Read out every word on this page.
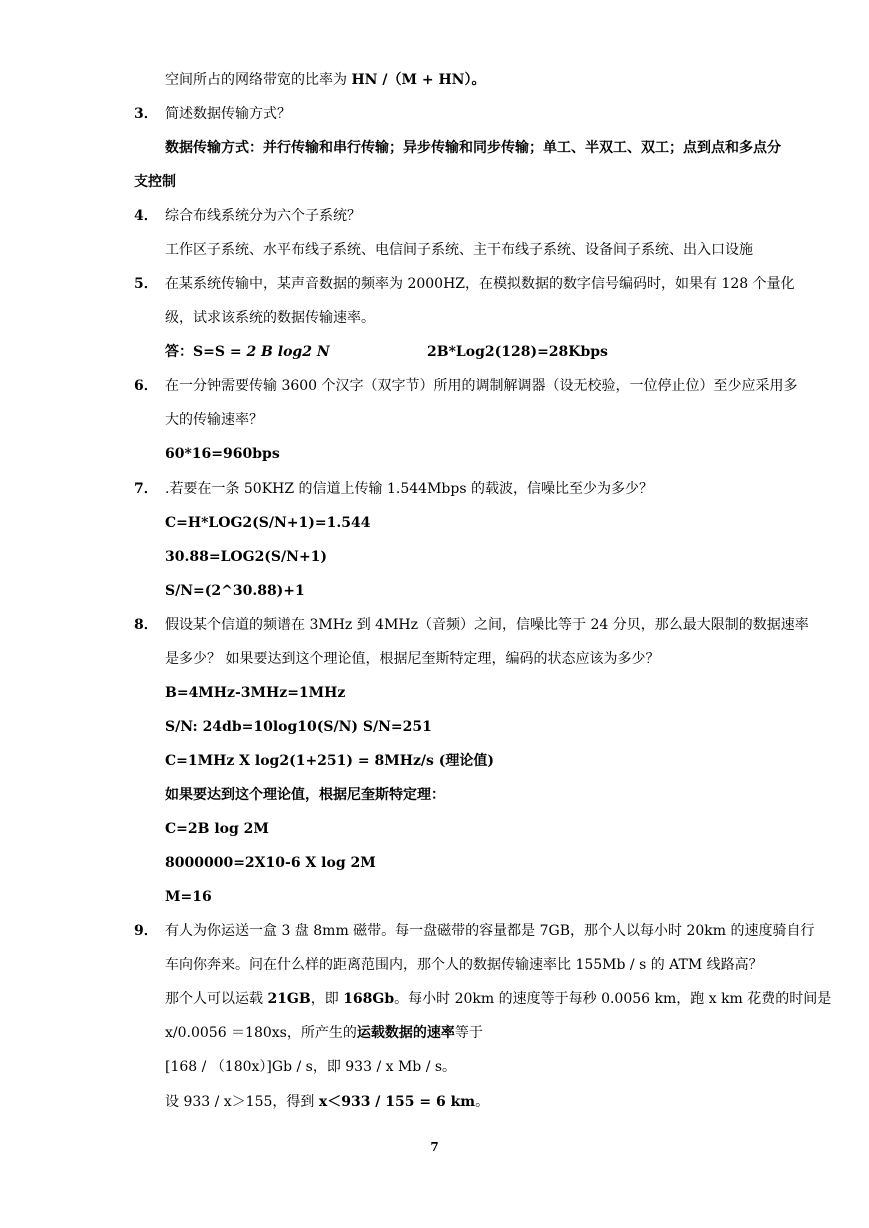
空间所占的网络带宽的比率为 HN /（M + HN）。
3． 简述数据传输方式？
数据传输方式：并行传输和串行传输；异步传输和同步传输；单工、半双工、双工；点到点和多点分
支控制
4． 综合布线系统分为六个子系统？
工作区子系统、水平布线子系统、电信间子系统、主干布线子系统、设备间子系统、出入口设施
5． 在某系统传输中，某声音数据的频率为 2000HZ，在模拟数据的数字信号编码时，如果有 128 个量化
级，试求该系统的数据传输速率。
答：S=S = 2 B log2 N	2B*Log2(128)=28Kbps
6． 在一分钟需要传输 3600 个汉字（双字节）所用的调制解调器（设无校验，一位停止位）至少应采用多
大的传输速率？
60*16=960bps
7． .若要在一条 50KHZ 的信道上传输 1.544Mbps 的载波，信噪比至少为多少？
C=H*LOG2(S/N+1)=1.544
30.88=LOG2(S/N+1)
S/N=(2^30.88)+1
8． 假设某个信道的频谱在 3MHz 到 4MHz（音频）之间，信噪比等于 24 分贝，那么最大限制的数据速率
是多少？ 如果要达到这个理论值，根据尼奎斯特定理，编码的状态应该为多少？
B=4MHz-3MHz=1MHz
S/N: 24db=10log10(S/N) S/N=251
C=1MHz X log2(1+251) = 8MHz/s (理论值)
如果要达到这个理论值，根据尼奎斯特定理：
C=2B log 2M
8000000=2X10-6 X log 2M
M=16
9． 有人为你运送一盒 3 盘 8mm 磁带。每一盘磁带的容量都是 7GB，那个人以每小时 20km 的速度骑自行
车向你奔来。问在什么样的距离范围内，那个人的数据传输速率比 155Mb / s 的 ATM 线路高？
那个人可以运载 21GB，即 168Gb。每小时 20km 的速度等于每秒 0.0056 km，跑 x km 花费的时间是
x/0.0056 ＝180xs，所产生的运载数据的速率等于
[168 / （180x）]Gb / s，即 933 / x Mb / s。
设 933 / x＞155，得到 x＜933 / 155 = 6 km。
7
